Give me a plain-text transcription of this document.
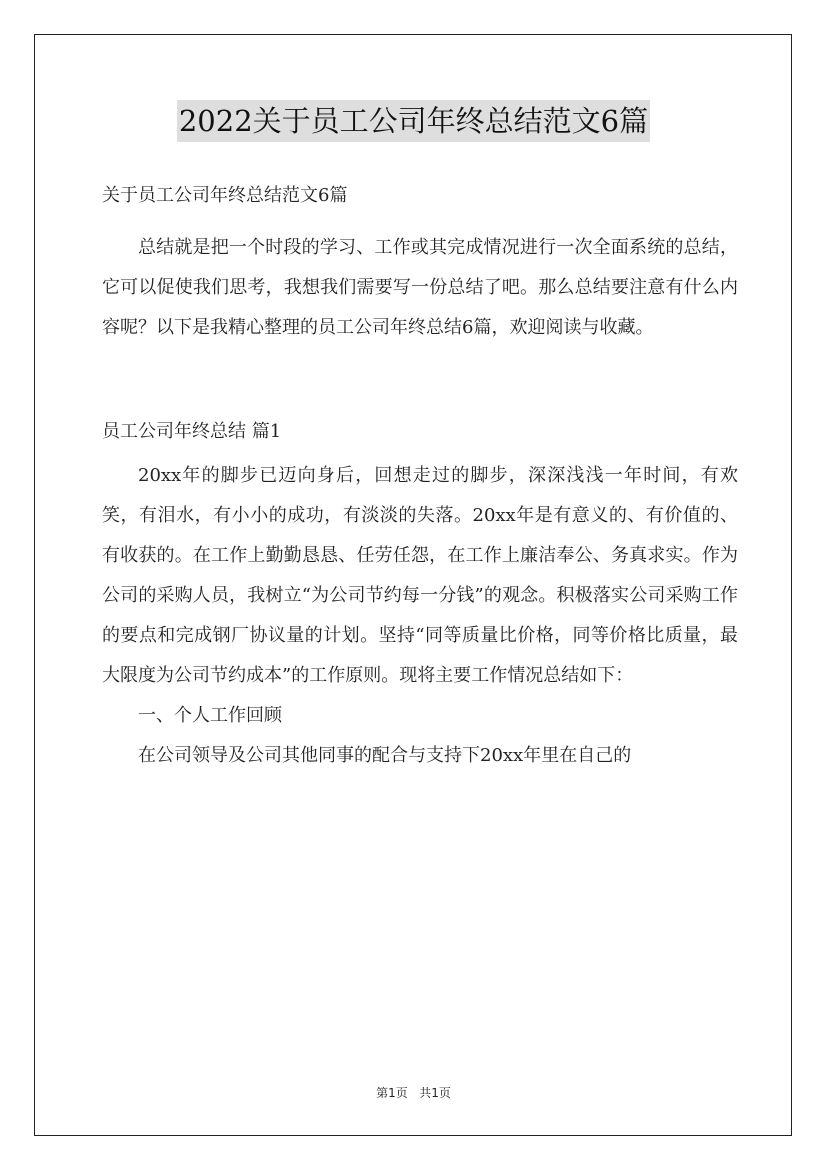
2022关于员工公司年终总结范文6篇

关于员工公司年终总结范文6篇

总结就是把一个时段的学习、工作或其完成情况进行一次全面系统的总结，它可以促使我们思考，我想我们需要写一份总结了吧。那么总结要注意有什么内容呢？以下是我精心整理的员工公司年终总结6篇，欢迎阅读与收藏。

员工公司年终总结 篇1

20xx年的脚步已迈向身后，回想走过的脚步，深深浅浅一年时间，有欢笑，有泪水，有小小的成功，有淡淡的失落。20xx年是有意义的、有价值的、有收获的。在工作上勤勤恳恳、任劳任怨，在工作上廉洁奉公、务真求实。作为公司的采购人员，我树立“为公司节约每一分钱”的观念。积极落实公司采购工作的要点和完成钢厂协议量的计划。坚持“同等质量比价格，同等价格比质量，最大限度为公司节约成本”的工作原则。现将主要工作情况总结如下：

一、个人工作回顾

在公司领导及公司其他同事的配合与支持下20xx年里在自己的

第1页 共1页
